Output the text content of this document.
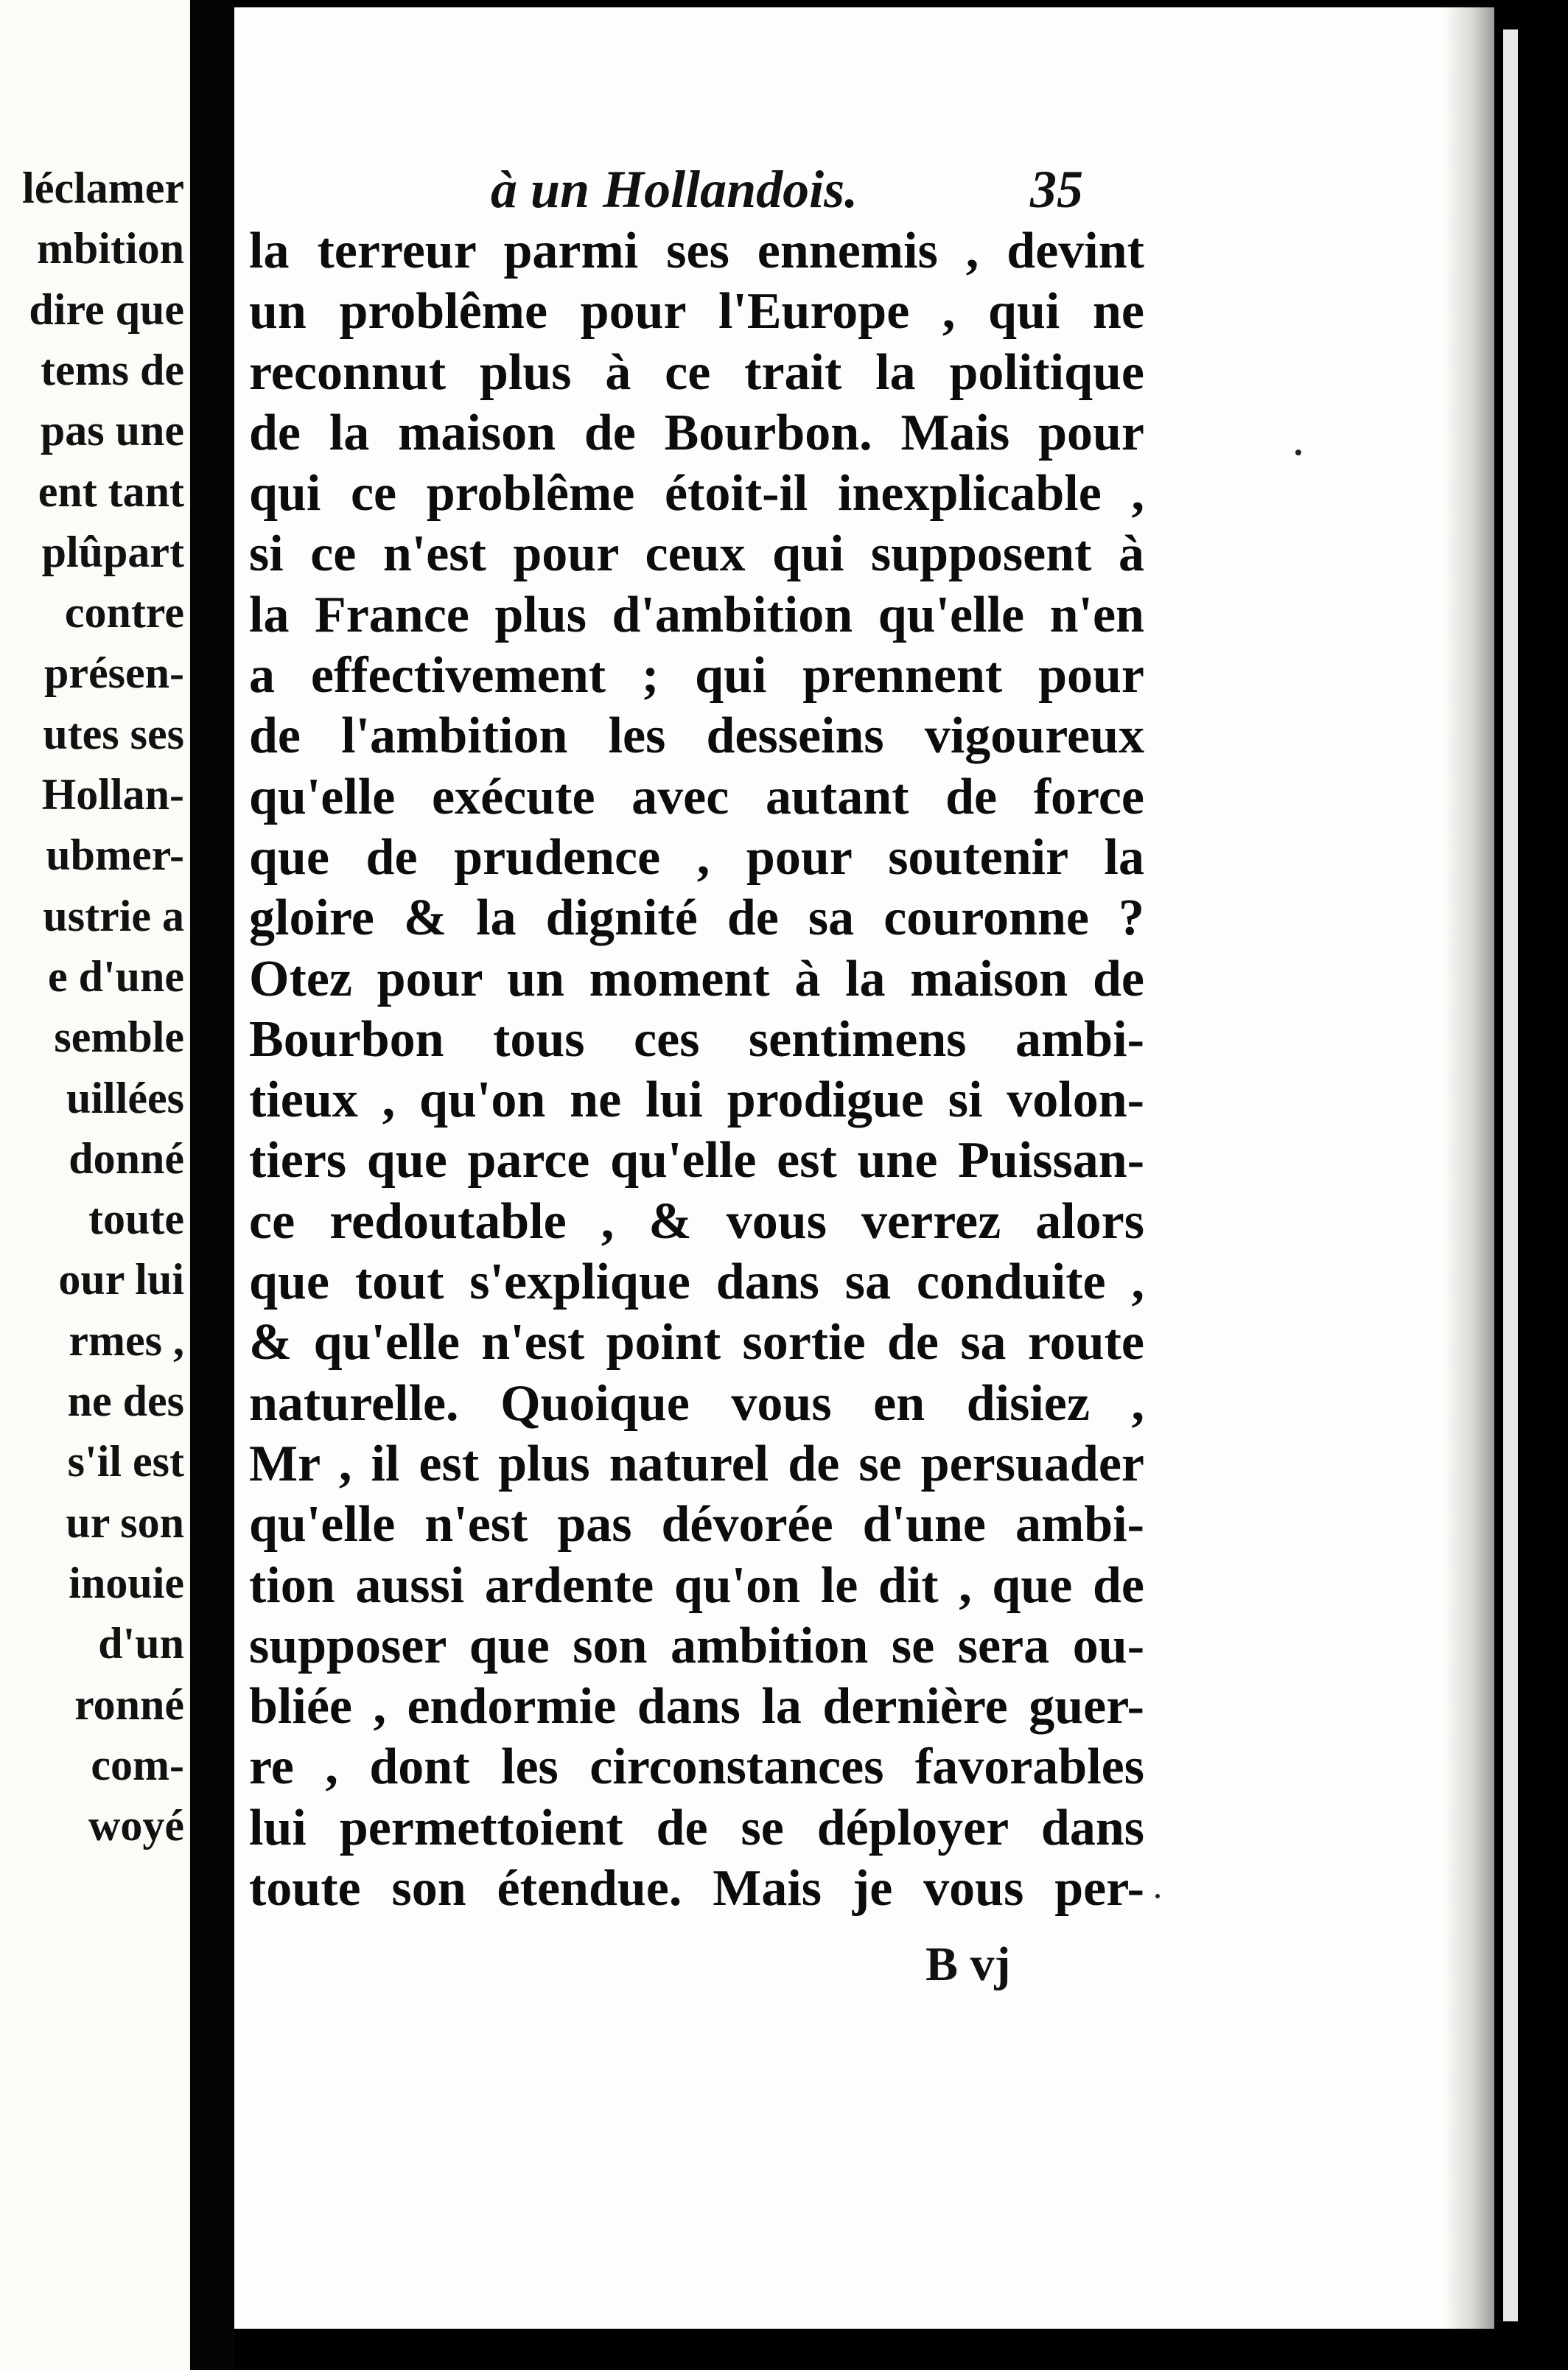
léclamer
mbition
dire que
tems de
pas une
ent tant
plûpart
contre
présen-
utes ses
Hollan-
ubmer-
ustrie a
e d'une
semble
uillées
donné
toute
our lui
rmes ,
ne des
s'il est
ur son
inouie
d'un
ronné
com-
woyé
à un Hollandois.	35
la terreur parmi ses ennemis , devint
un problême pour l'Europe , qui ne
reconnut plus à ce trait la politique
de la maison de Bourbon. Mais pour
qui ce problême étoit-il inexplicable ,
si ce n'est pour ceux qui supposent à
la France plus d'ambition qu'elle n'en
a effectivement ; qui prennent pour
de l'ambition les desseins vigoureux
qu'elle exécute avec autant de force
que de prudence , pour soutenir la
gloire & la dignité de sa couronne ?
Otez pour un moment à la maison de
Bourbon tous ces sentimens ambi-
tieux , qu'on ne lui prodigue si volon-
tiers que parce qu'elle est une Puissan-
ce redoutable , & vous verrez alors
que tout s'explique dans sa conduite ,
& qu'elle n'est point sortie de sa route
naturelle. Quoique vous en disiez ,
Mr , il est plus naturel de se persuader
qu'elle n'est pas dévorée d'une ambi-
tion aussi ardente qu'on le dit , que de
supposer que son ambition se sera ou-
bliée , endormie dans la dernière guer-
re , dont les circonstances favorables
lui permettoient de se déployer dans
toute son étendue. Mais je vous per-
B vj
